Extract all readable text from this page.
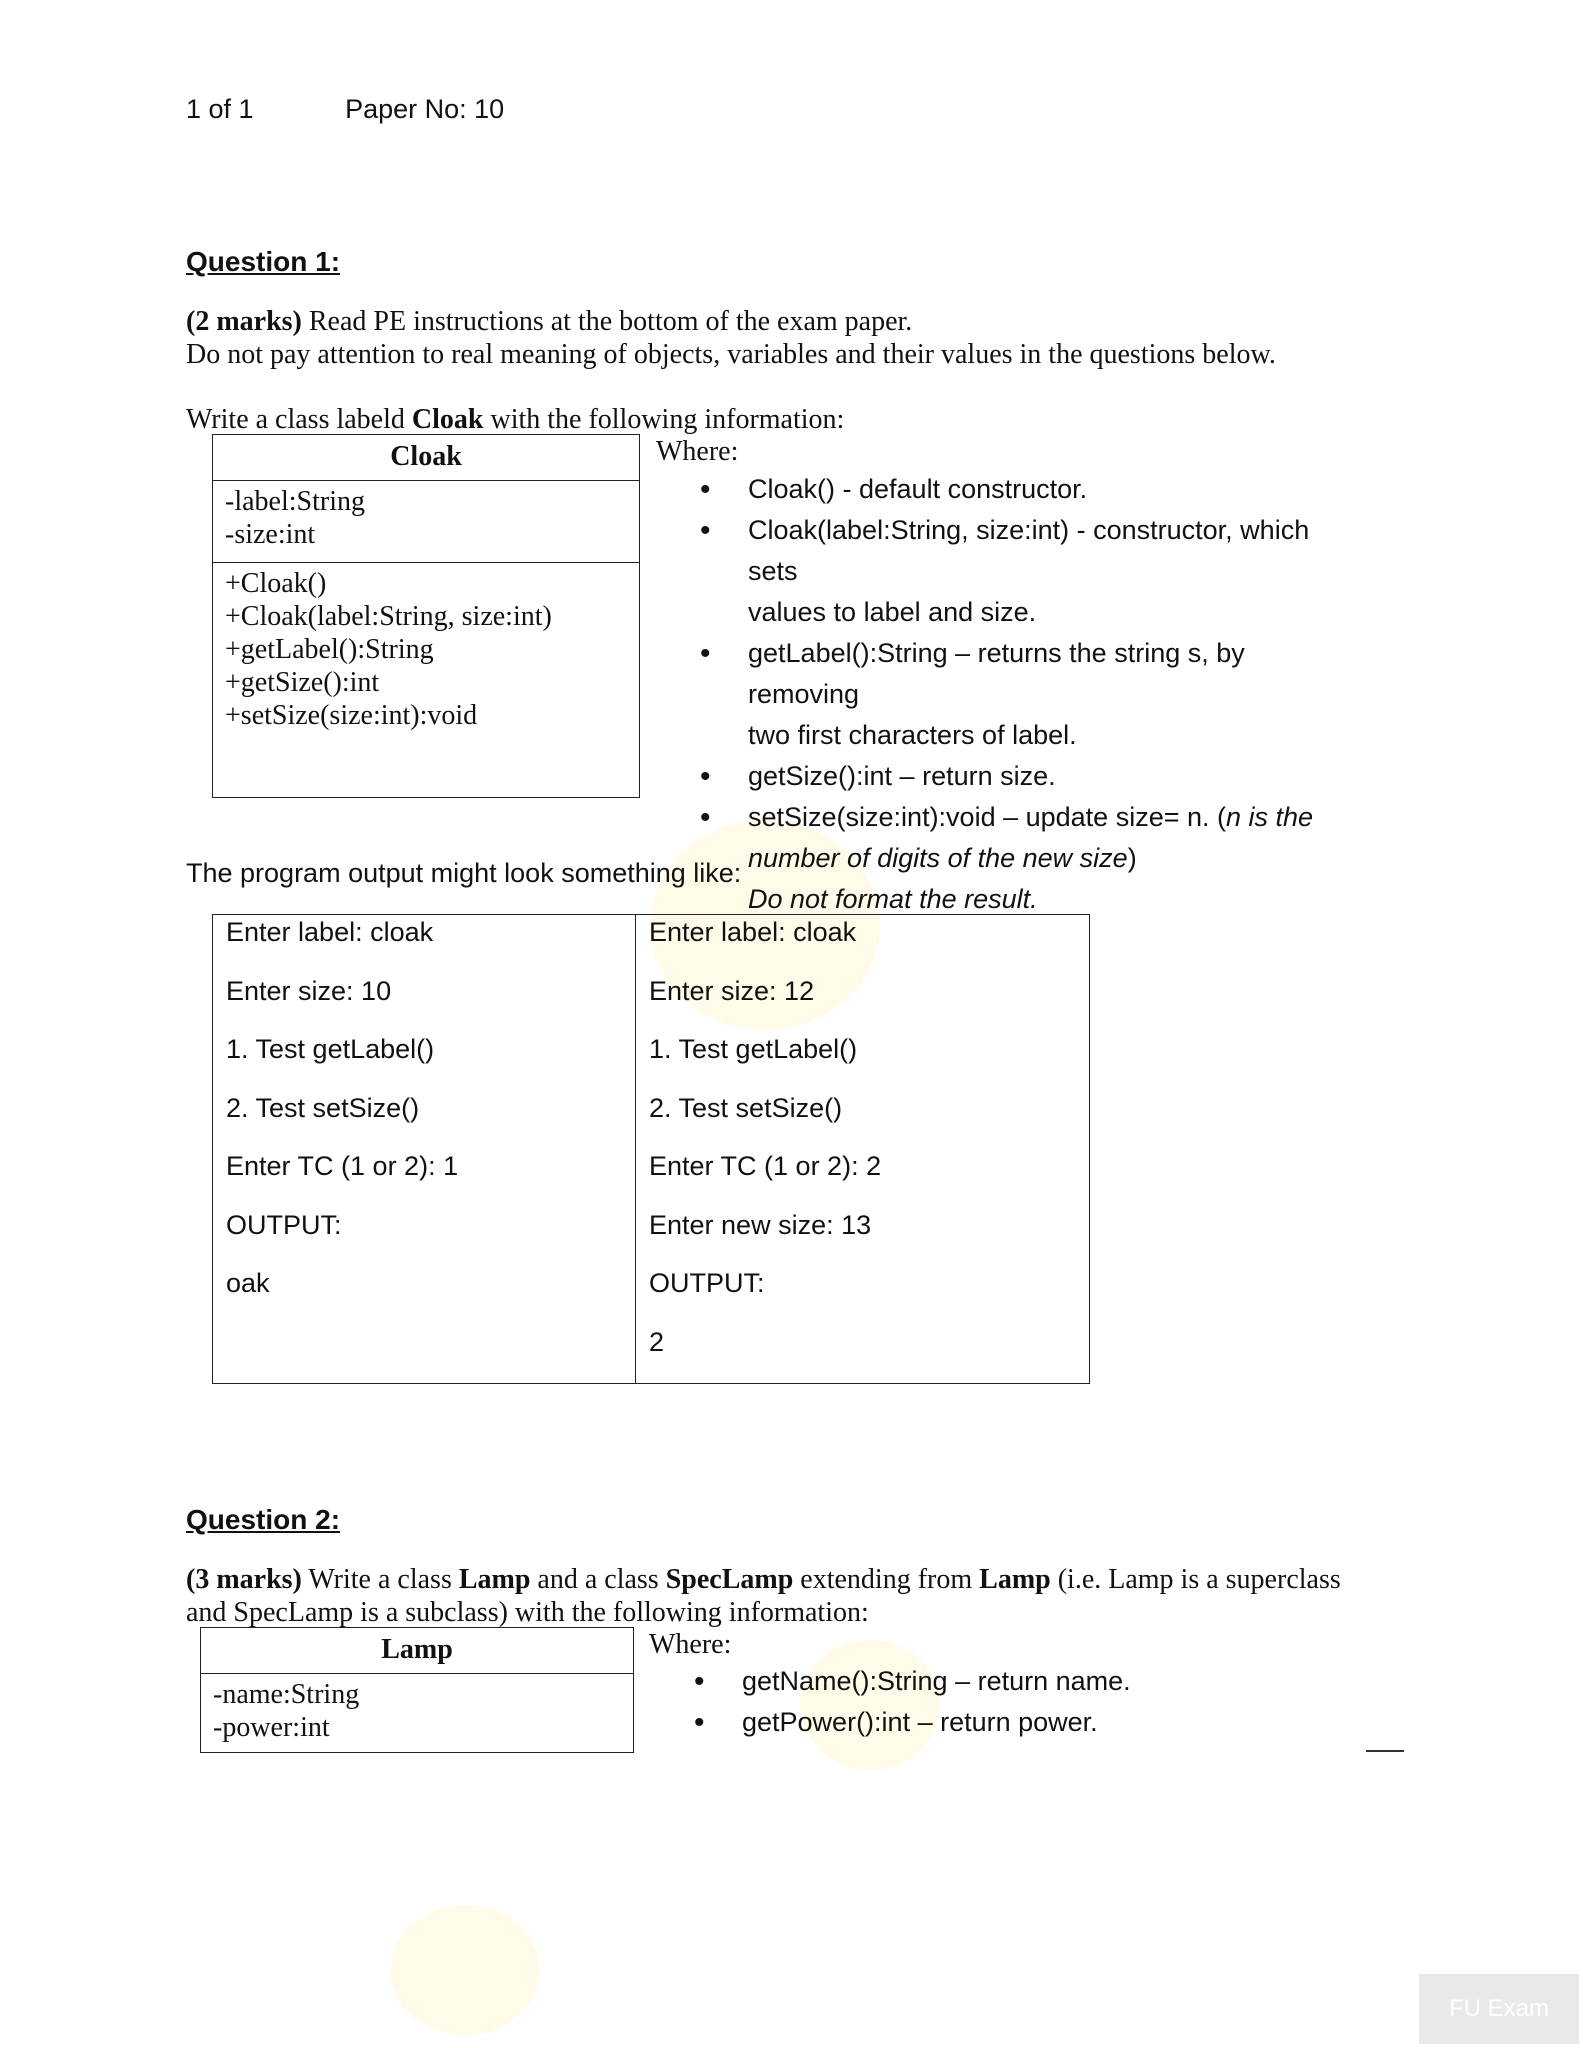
1 of 1	Paper No: 10
Question 1:
(2 marks) Read PE instructions at the bottom of the exam paper.
Do not pay attention to real meaning of objects, variables and their values in the questions below.
Write a class labeld Cloak with the following information:
Cloak
-label:String
-size:int
+Cloak()
+Cloak(label:String, size:int)
+getLabel():String
+getSize():int
+setSize(size:int):void
Where:
• Cloak() - default constructor.
• Cloak(label:String, size:int) - constructor, which sets
values to label and size.
• getLabel():String – returns the string s, by removing
two first characters of label.
• getSize():int – return size.
• setSize(size:int):void – update size= n. (n is the
number of digits of the new size)
Do not format the result.
The program output might look something like:
Enter label: cloak
Enter size: 10
1. Test getLabel()
2. Test setSize()
Enter TC (1 or 2): 1
OUTPUT:
oak
Enter label: cloak
Enter size: 12
1. Test getLabel()
2. Test setSize()
Enter TC (1 or 2): 2
Enter new size: 13
OUTPUT:
2
Question 2:
(3 marks) Write a class Lamp and a class SpecLamp extending from Lamp (i.e. Lamp is a superclass
and SpecLamp is a subclass) with the following information:
Lamp
-name:String
-power:int
Where:
• getName():String – return name.
• getPower():int – return power.
FU Exam
